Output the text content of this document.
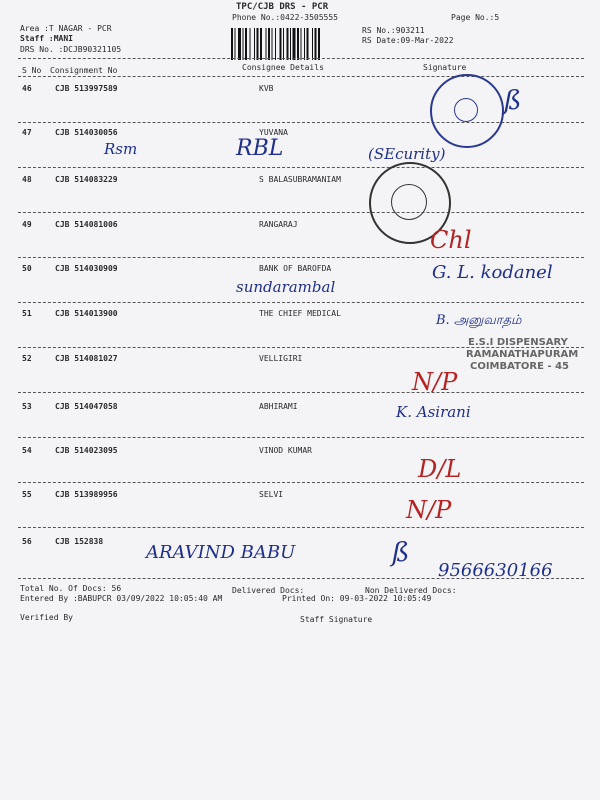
TPC/CJB DRS - PCR
Phone No.:0422-3505555	Page No.:5
Area :T NAGAR - PCR
Staff :MANI
DRS No. :DCJB90321105
RS No.:903211
RS Date:09-Mar-2022
S No Consignment No	Consignee Details	Signature
46	CJB 513997589	KVB
47	CJB 514030056	YUVANA
48	CJB 514083229	S BALASUBRAMANIAM
49	CJB 514081006	RANGARAJ
50	CJB 514030909	BANK OF BAROFDA
51	CJB 514013900	THE CHIEF MEDICAL
52	CJB 514081027	VELLIGIRI
53	CJB 514047058	ABHIRAMI
54	CJB 514023095	VINOD KUMAR
55	CJB 513989956	SELVI
56	CJB 152838
E.S.I DISPENSARY
RAMANATHAPURAM
COIMBATORE - 45
ß
Rsm	RBL	(SEcurity)
sundarambal
Chl
G. L. kodanel
B. அனுவாதம்
N/P
K. Asirani
D/L
N/P
ARAVIND BABU	ß
9566630166
Total No. Of Docs: 56	Delivered Docs:	Non Delivered Docs:
Entered By :BABUPCR 03/09/2022 10:05:40 AM	Printed On: 09-03-2022 10:05:49
Verified By	Staff Signature
